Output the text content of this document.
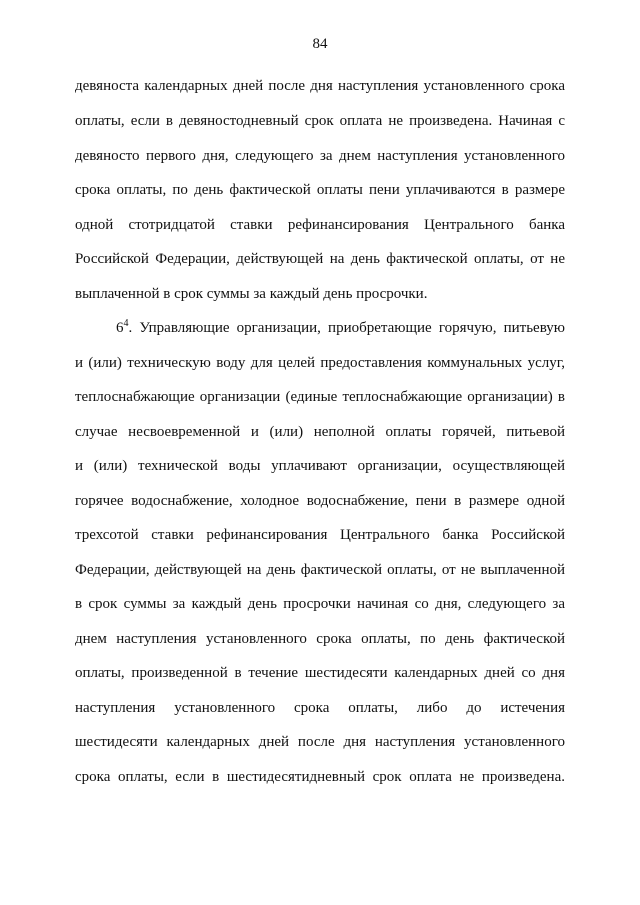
84
девяноста календарных дней после дня наступления установленного срока
оплаты, если в девяностодневный срок оплата не произведена. Начиная с
девяносто первого дня, следующего за днем наступления установленного
срока оплаты, по день фактической оплаты пени уплачиваются в размере
одной стотридцатой ставки рефинансирования Центрального банка
Российской Федерации, действующей на день фактической оплаты, от не
выплаченной в срок суммы за каждый день просрочки.
$6^4$. Управляющие организации, приобретающие горячую, питьевую
и (или) техническую воду для целей предоставления коммунальных услуг,
теплоснабжающие организации (единые теплоснабжающие организации) в
случае несвоевременной и (или) неполной оплаты горячей, питьевой
и (или) технической воды уплачивают организации, осуществляющей
горячее водоснабжение, холодное водоснабжение, пени в размере одной
трехсотой ставки рефинансирования Центрального банка Российской
Федерации, действующей на день фактической оплаты, от не выплаченной
в срок суммы за каждый день просрочки начиная со дня, следующего за
днем наступления установленного срока оплаты, по день фактической
оплаты, произведенной в течение шестидесяти календарных дней со дня
наступления установленного срока оплаты, либо до истечения
шестидесяти календарных дней после дня наступления установленного
срока оплаты, если в шестидесятидневный срок оплата не произведена.
